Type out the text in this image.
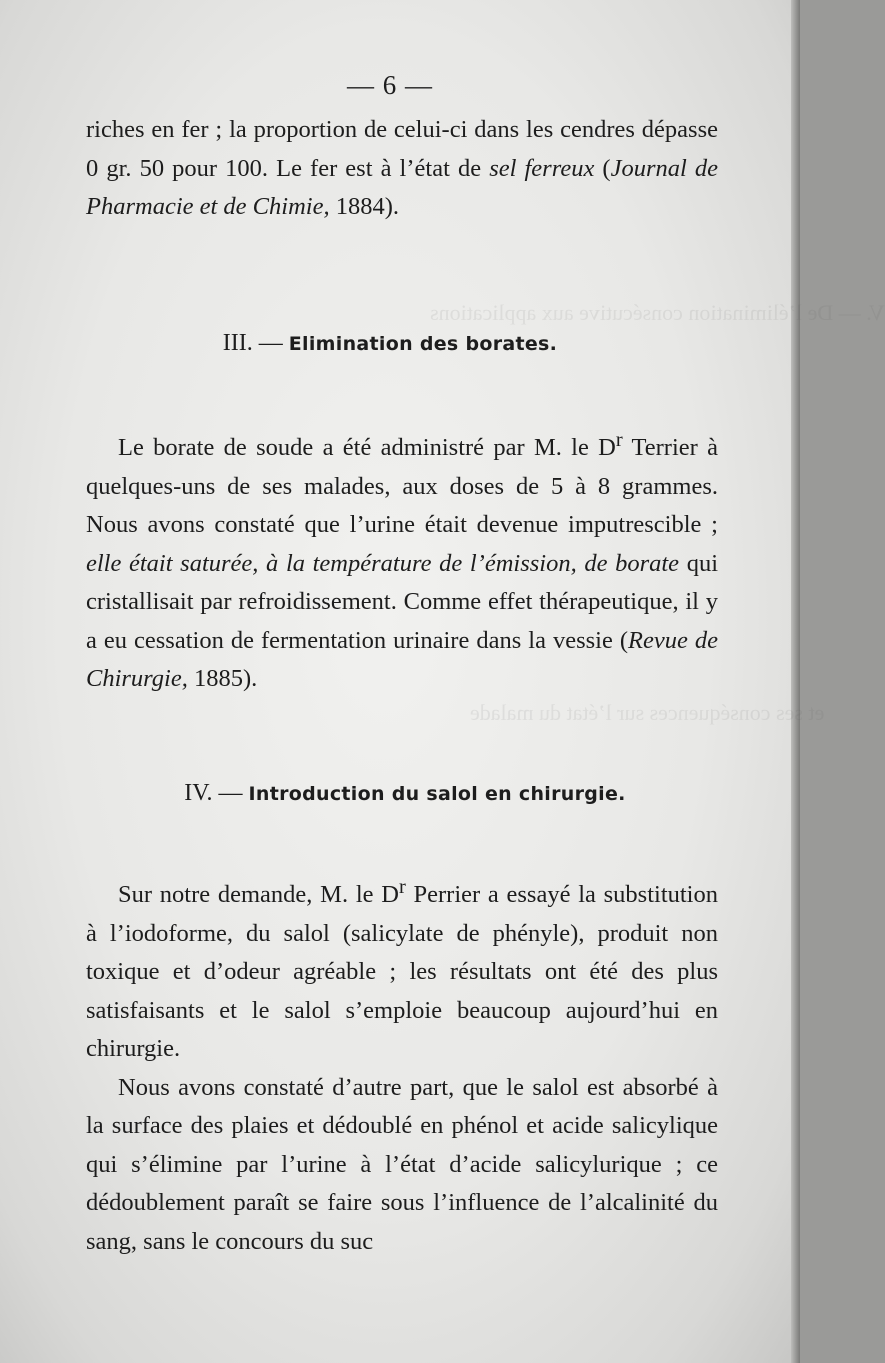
V. — De l’élimination consécutive aux applications
et ses conséquences sur l’état du malade
— 6 —

riches en fer ; la proportion de celui-ci dans les cendres dépasse 0 gr. 50 pour 100. Le fer est à l’état de sel ferreux (Journal de Pharmacie et de Chimie, 1884).

III. — Elimination des borates.

Le borate de soude a été administré par M. le $D^r$ Terrier à quelques-uns de ses malades, aux doses de 5 à 8 grammes. Nous avons constaté que l’urine était devenue imputrescible ; elle était saturée, à la température de l’émission, de borate qui cristallisait par refroidissement. Comme effet thérapeutique, il y a eu cessation de fermentation urinaire dans la vessie (Revue de Chirurgie, 1885).

IV. — Introduction du salol en chirurgie.

Sur notre demande, M. le $D^r$ Perrier a essayé la substitution à l’iodoforme, du salol (salicylate de phényle), produit non toxique et d’odeur agréable ; les résultats ont été des plus satisfaisants et le salol s’emploie beaucoup aujourd’hui en chirurgie.

Nous avons constaté d’autre part, que le salol est absorbé à la surface des plaies et dédoublé en phénol et acide salicylique qui s’élimine par l’urine à l’état d’acide salicylurique ; ce dédoublement paraît se faire sous l’influence de l’alcalinité du sang, sans le concours du suc
